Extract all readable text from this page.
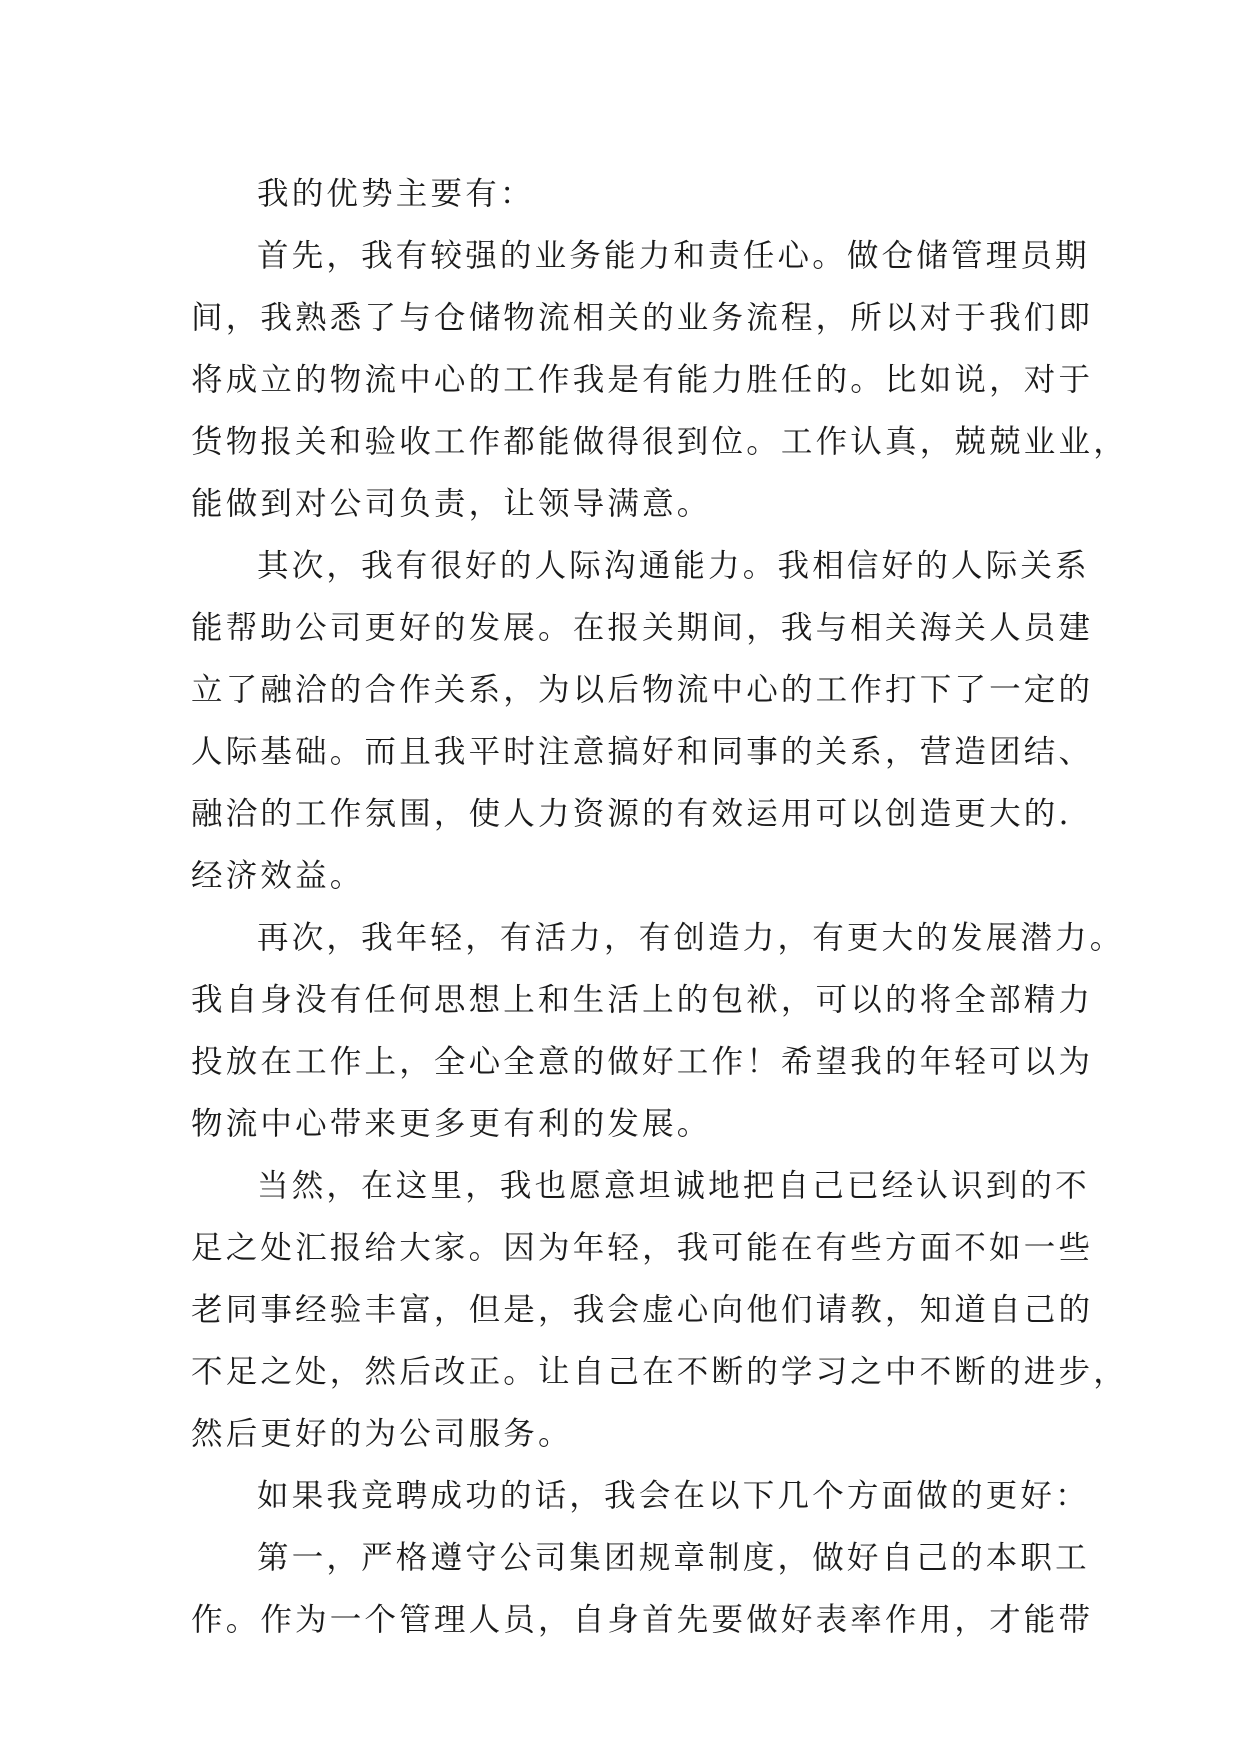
我的优势主要有：
首先，我有较强的业务能力和责任心。做仓储管理员期
间，我熟悉了与仓储物流相关的业务流程，所以对于我们即
将成立的物流中心的工作我是有能力胜任的。比如说，对于
货物报关和验收工作都能做得很到位。工作认真，兢兢业业，
能做到对公司负责，让领导满意。
其次，我有很好的人际沟通能力。我相信好的人际关系
能帮助公司更好的发展。在报关期间，我与相关海关人员建
立了融洽的合作关系，为以后物流中心的工作打下了一定的
人际基础。而且我平时注意搞好和同事的关系，营造团结、
融洽的工作氛围，使人力资源的有效运用可以创造更大的.
经济效益。
再次，我年轻，有活力，有创造力，有更大的发展潜力。
我自身没有任何思想上和生活上的包袱，可以的将全部精力
投放在工作上，全心全意的做好工作！希望我的年轻可以为
物流中心带来更多更有利的发展。
当然，在这里，我也愿意坦诚地把自己已经认识到的不
足之处汇报给大家。因为年轻，我可能在有些方面不如一些
老同事经验丰富，但是，我会虚心向他们请教，知道自己的
不足之处，然后改正。让自己在不断的学习之中不断的进步，
然后更好的为公司服务。
如果我竞聘成功的话，我会在以下几个方面做的更好：
第一，严格遵守公司集团规章制度，做好自己的本职工
作。作为一个管理人员，自身首先要做好表率作用，才能带
